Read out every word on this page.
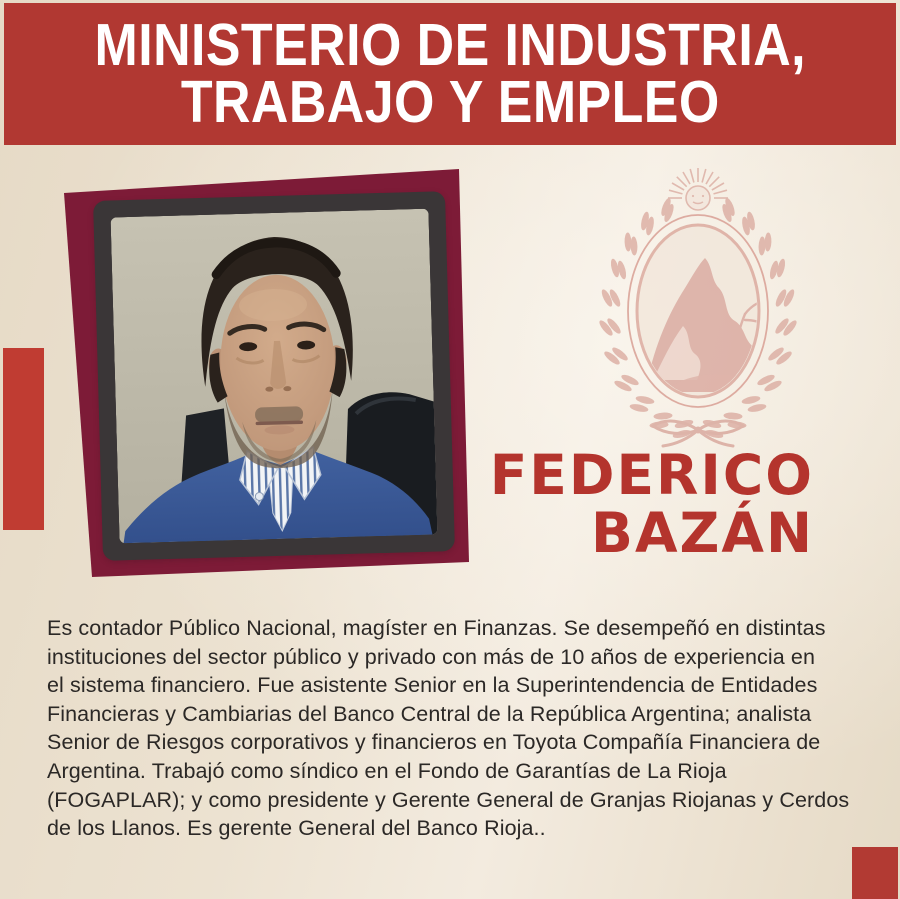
MINISTERIO DE INDUSTRIA,
TRABAJO Y EMPLEO
FEDERICO
BAZÁN
Es contador Público Nacional, magíster en Finanzas. Se desempeñó en distintas
instituciones del sector público y privado con más de 10 años de experiencia en
el sistema financiero. Fue asistente Senior en la Superintendencia de Entidades
Financieras y Cambiarias del Banco Central de la República Argentina; analista
Senior de Riesgos corporativos y financieros en Toyota Compañía Financiera de
Argentina. Trabajó como síndico en el Fondo de Garantías de La Rioja
(FOGAPLAR); y como presidente y Gerente General de Granjas Riojanas y Cerdos
de los Llanos. Es gerente General del Banco Rioja..
